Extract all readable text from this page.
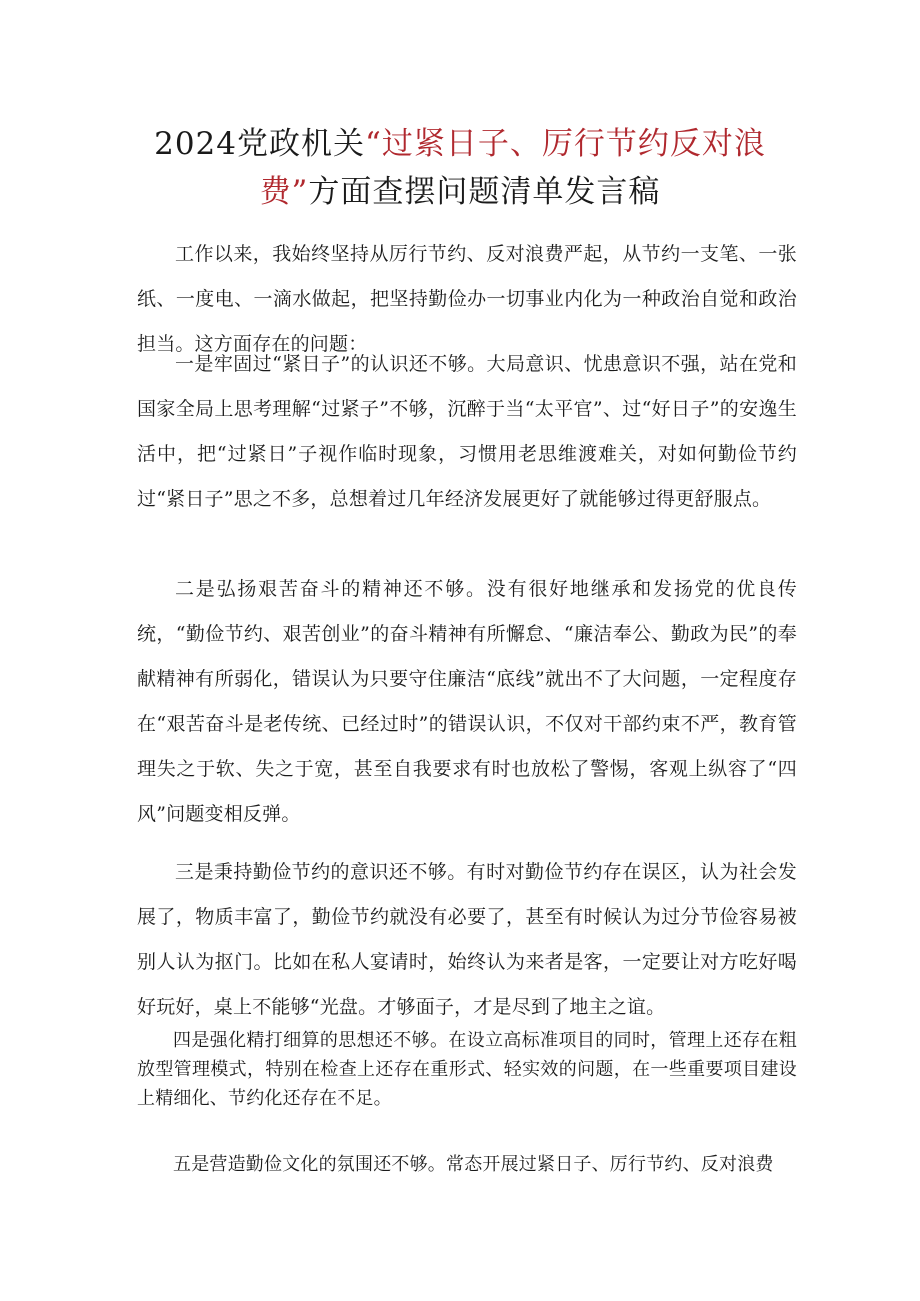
2024党政机关“过紧日子、厉行节约反对浪
费”方面查摆问题清单发言稿

工作以来，我始终坚持从厉行节约、反对浪费严起，从节约一支笔、一张纸、一度电、一滴水做起，把坚持勤俭办一切事业内化为一种政治自觉和政治担当。这方面存在的问题：

一是牢固过“紧日子”的认识还不够。大局意识、忧患意识不强，站在党和国家全局上思考理解“过紧子”不够，沉醉于当“太平官”、过“好日子”的安逸生活中，把“过紧日”子视作临时现象，习惯用老思维渡难关，对如何勤俭节约过“紧日子”思之不多，总想着过几年经济发展更好了就能够过得更舒服点。

二是弘扬艰苦奋斗的精神还不够。没有很好地继承和发扬党的优良传统，“勤俭节约、艰苦创业”的奋斗精神有所懈怠、“廉洁奉公、勤政为民”的奉献精神有所弱化，错误认为只要守住廉洁“底线”就出不了大问题，一定程度存在“艰苦奋斗是老传统、已经过时”的错误认识，不仅对干部约束不严，教育管理失之于软、失之于宽，甚至自我要求有时也放松了警惕，客观上纵容了“四风”问题变相反弹。

三是秉持勤俭节约的意识还不够。有时对勤俭节约存在误区，认为社会发展了，物质丰富了，勤俭节约就没有必要了，甚至有时候认为过分节俭容易被别人认为抠门。比如在私人宴请时，始终认为来者是客，一定要让对方吃好喝好玩好，桌上不能够“光盘。才够面子，才是尽到了地主之谊。

四是强化精打细算的思想还不够。在设立高标准项目的同时，管理上还存在粗放型管理模式，特别在检查上还存在重形式、轻实效的问题，在一些重要项目建设上精细化、节约化还存在不足。

五是营造勤俭文化的氛围还不够。常态开展过紧日子、厉行节约、反对浪费
